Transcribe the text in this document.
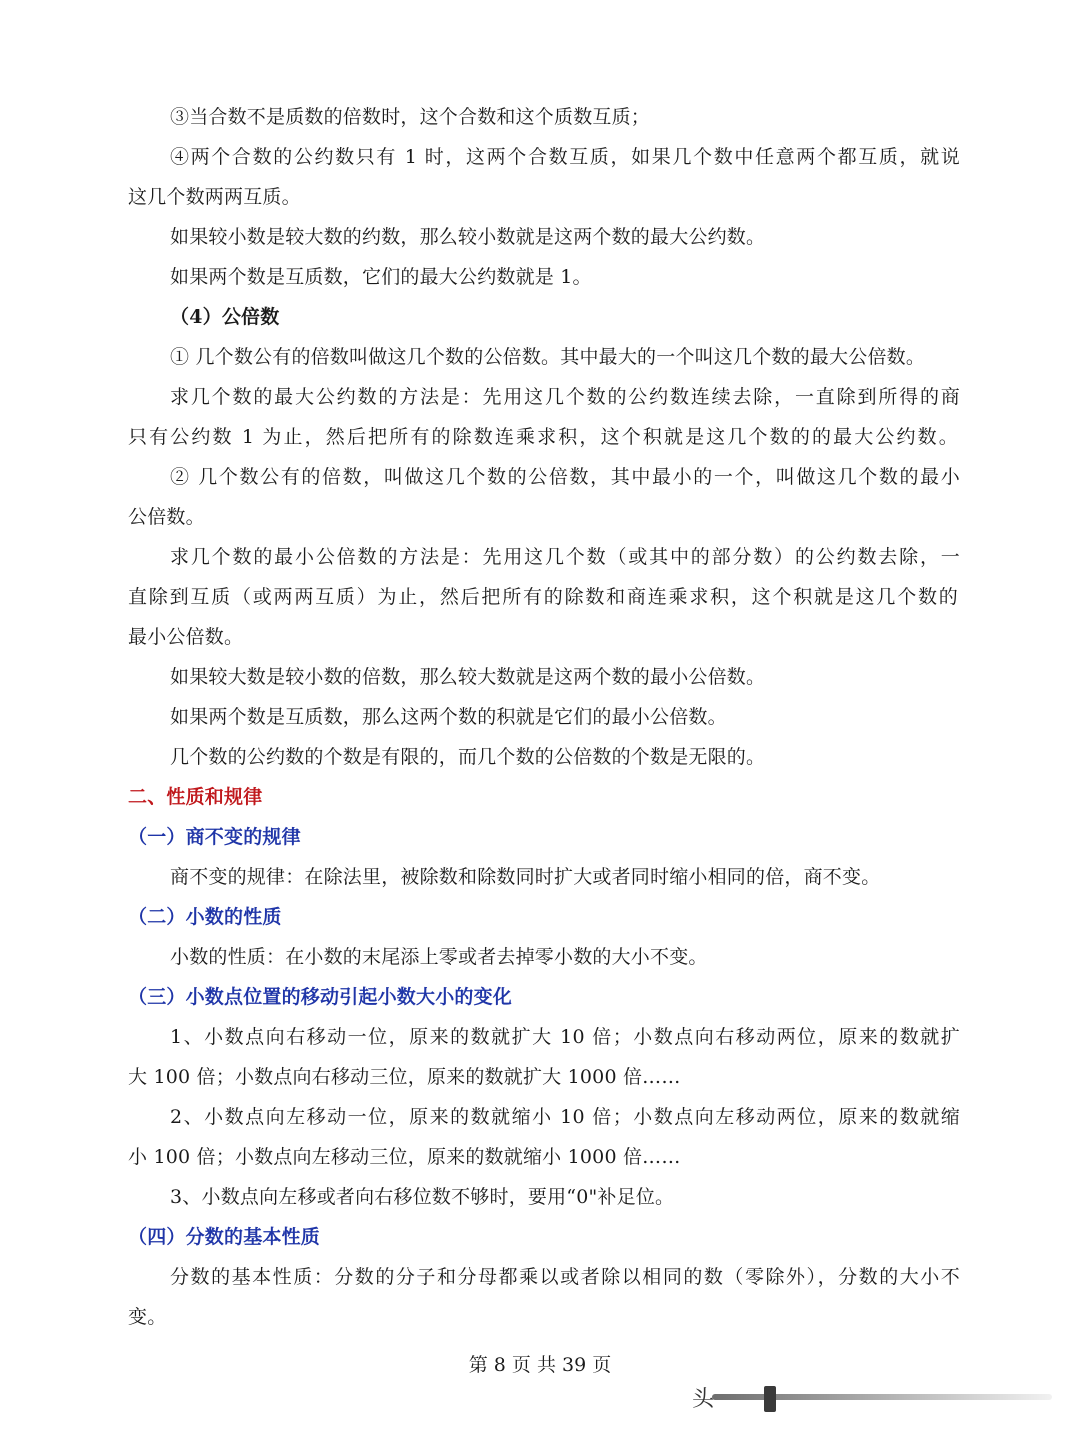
③当合数不是质数的倍数时，这个合数和这个质数互质；
④两个合数的公约数只有 1 时，这两个合数互质，如果几个数中任意两个都互质，就说
这几个数两两互质。
如果较小数是较大数的约数，那么较小数就是这两个数的最大公约数。
如果两个数是互质数，它们的最大公约数就是 1。
（4）公倍数
① 几个数公有的倍数叫做这几个数的公倍数。其中最大的一个叫这几个数的最大公倍数。
求几个数的最大公约数的方法是：先用这几个数的公约数连续去除，一直除到所得的商
只有公约数 1 为止，然后把所有的除数连乘求积，这个积就是这几个数的的最大公约数。
② 几个数公有的倍数，叫做这几个数的公倍数，其中最小的一个，叫做这几个数的最小
公倍数。
求几个数的最小公倍数的方法是：先用这几个数（或其中的部分数）的公约数去除，一
直除到互质（或两两互质）为止，然后把所有的除数和商连乘求积，这个积就是这几个数的
最小公倍数。
如果较大数是较小数的倍数，那么较大数就是这两个数的最小公倍数。
如果两个数是互质数，那么这两个数的积就是它们的最小公倍数。
几个数的公约数的个数是有限的，而几个数的公倍数的个数是无限的。
二、性质和规律
（一）商不变的规律
商不变的规律：在除法里，被除数和除数同时扩大或者同时缩小相同的倍，商不变。
（二）小数的性质
小数的性质：在小数的末尾添上零或者去掉零小数的大小不变。
（三）小数点位置的移动引起小数大小的变化
1、小数点向右移动一位，原来的数就扩大 10 倍；小数点向右移动两位，原来的数就扩
大 100 倍；小数点向右移动三位，原来的数就扩大 1000 倍……
2、小数点向左移动一位，原来的数就缩小 10 倍；小数点向左移动两位，原来的数就缩
小 100 倍；小数点向左移动三位，原来的数就缩小 1000 倍……
3、小数点向左移或者向右移位数不够时，要用“0"补足位。
（四）分数的基本性质
分数的基本性质：分数的分子和分母都乘以或者除以相同的数（零除外），分数的大小不
变。
第 8 页 共 39 页
头
